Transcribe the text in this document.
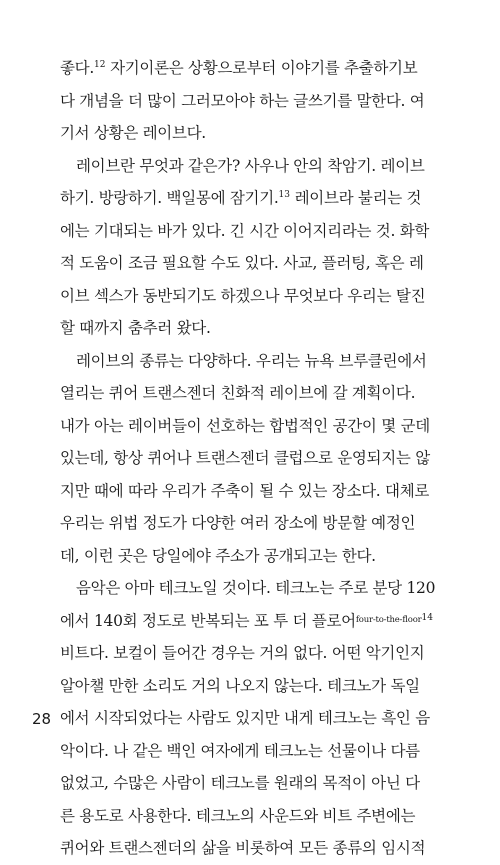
좋다.$^{12}$ 자기이론은 상황으로부터 이야기를 추출하기보
다 개념을 더 많이 그러모아야 하는 글쓰기를 말한다. 여
기서 상황은 레이브다.
레이브란 무엇과 같은가? 사우나 안의 착암기. 레이브
하기. 방랑하기. 백일몽에 잠기기.$^{13}$ 레이브라 불리는 것
에는 기대되는 바가 있다. 긴 시간 이어지리라는 것. 화학
적 도움이 조금 필요할 수도 있다. 사교, 플러팅, 혹은 레
이브 섹스가 동반되기도 하겠으나 무엇보다 우리는 탈진
할 때까지 춤추러 왔다.
레이브의 종류는 다양하다. 우리는 뉴욕 브루클린에서
열리는 퀴어 트랜스젠더 친화적 레이브에 갈 계획이다.
내가 아는 레이버들이 선호하는 합법적인 공간이 몇 군데
있는데, 항상 퀴어나 트랜스젠더 클럽으로 운영되지는 않
지만 때에 따라 우리가 주축이 될 수 있는 장소다. 대체로
우리는 위법 정도가 다양한 여러 장소에 방문할 예정인
데, 이런 곳은 당일에야 주소가 공개되고는 한다.
음악은 아마 테크노일 것이다. 테크노는 주로 분당 120
에서 140회 정도로 반복되는 포 투 더 플로어$^{four-to-the-floor14}$
비트다. 보컬이 들어간 경우는 거의 없다. 어떤 악기인지
알아챌 만한 소리도 거의 나오지 않는다. 테크노가 독일
에서 시작되었다는 사람도 있지만 내게 테크노는 흑인 음
악이다. 나 같은 백인 여자에게 테크노는 선물이나 다름
없었고, 수많은 사람이 테크노를 원래의 목적이 아닌 다
른 용도로 사용한다. 테크노의 사운드와 비트 주변에는
퀴어와 트랜스젠더의 삶을 비롯하여 모든 종류의 임시적
28
